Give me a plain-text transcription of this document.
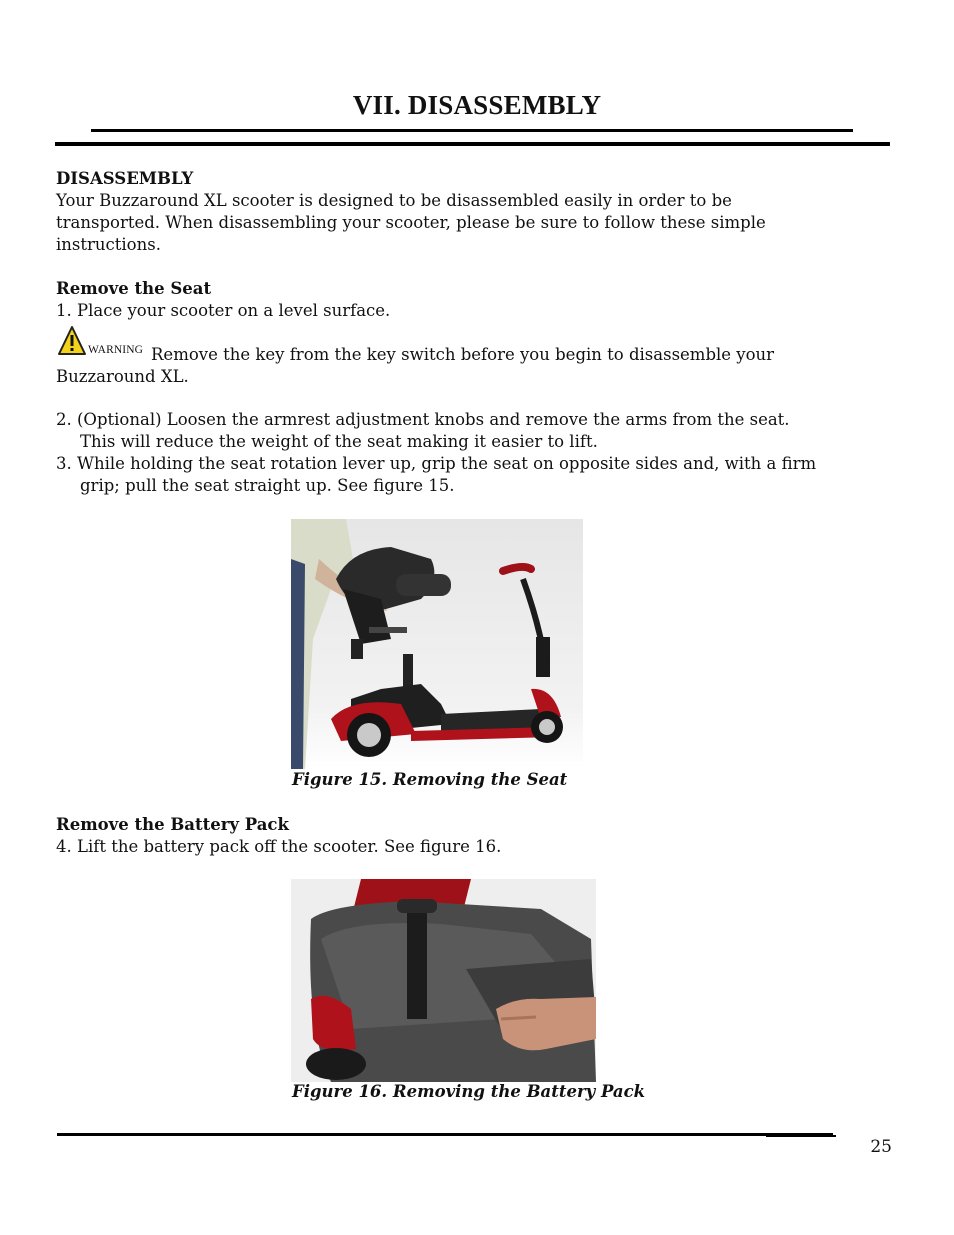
VII. DISASSEMBLY
DISASSEMBLY
Your Buzzaround XL scooter is designed to be disassembled easily in order to be
transported. When disassembling your scooter, please be sure to follow these simple
instructions.
Remove the Seat
1. Place your scooter on a level surface.
WARNING Remove the key from the key switch before you begin to disassemble your
Buzzaround XL.
2. (Optional) Loosen the armrest adjustment knobs and remove the arms from the seat.
This will reduce the weight of the seat making it easier to lift.
3. While holding the seat rotation lever up, grip the seat on opposite sides and, with a firm
grip; pull the seat straight up. See figure 15.
Figure 15. Removing the Seat
Remove the Battery Pack
4. Lift the battery pack off the scooter. See figure 16.
Figure 16. Removing the Battery Pack
25
